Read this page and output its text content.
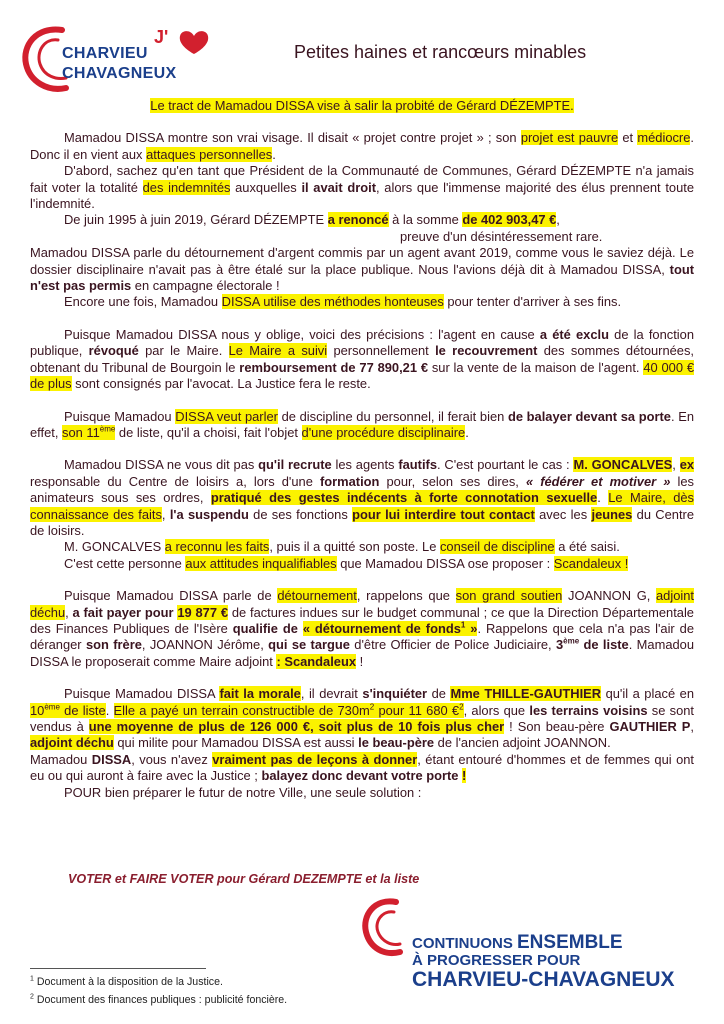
J'
CHARVIEU
CHAVAGNEUX
Petites haines et rancœurs minables

Le tract de Mamadou DISSA vise à salir la probité de Gérard DÉZEMPTE.

Mamadou DISSA montre son vrai visage. Il disait « projet contre projet » ; son projet est pauvre et médiocre. Donc il en vient aux attaques personnelles.

D'abord, sachez qu'en tant que Président de la Communauté de Communes, Gérard DÉZEMPTE n'a jamais fait voter la totalité des indemnités auxquelles il avait droit, alors que l'immense majorité des élus prennent toute l'indemnité.

De juin 1995 à juin 2019, Gérard DÉZEMPTE a renoncé à la somme de 402 903,47 €,

preuve d'un désintéressement rare.

Mamadou DISSA parle du détournement d'argent commis par un agent avant 2019, comme vous le saviez déjà. Le dossier disciplinaire n'avait pas à être étalé sur la place publique. Nous l'avions déjà dit à Mamadou DISSA, tout n'est pas permis en campagne électorale !

Encore une fois, Mamadou DISSA utilise des méthodes honteuses pour tenter d'arriver à ses fins.

Puisque Mamadou DISSA nous y oblige, voici des précisions : l'agent en cause a été exclu de la fonction publique, révoqué par le Maire. Le Maire a suivi personnellement le recouvrement des sommes détournées, obtenant du Tribunal de Bourgoin le remboursement de 77 890,21 € sur la vente de la maison de l'agent. 40 000 € de plus sont consignés par l'avocat. La Justice fera le reste.

Puisque Mamadou DISSA veut parler de discipline du personnel, il ferait bien de balayer devant sa porte. En effet, son 11ème de liste, qu'il a choisi, fait l'objet d'une procédure disciplinaire.

Mamadou DISSA ne vous dit pas qu'il recrute les agents fautifs. C'est pourtant le cas : M. GONCALVES, ex responsable du Centre de loisirs a, lors d'une formation pour, selon ses dires, « fédérer et motiver » les animateurs sous ses ordres, pratiqué des gestes indécents à forte connotation sexuelle. Le Maire, dès connaissance des faits, l'a suspendu de ses fonctions pour lui interdire tout contact avec les jeunes du Centre de loisirs.

M. GONCALVES a reconnu les faits, puis il a quitté son poste. Le conseil de discipline a été saisi.

C'est cette personne aux attitudes inqualifiables que Mamadou DISSA ose proposer : Scandaleux !

Puisque Mamadou DISSA parle de détournement, rappelons que son grand soutien JOANNON G, adjoint déchu, a fait payer pour 19 877 € de factures indues sur le budget communal ; ce que la Direction Départementale des Finances Publiques de l'Isère qualifie de « détournement de fonds$^1$ ». Rappelons que cela n'a pas l'air de déranger son frère, JOANNON Jérôme, qui se targue d'être Officier de Police Judiciaire, 3ème de liste. Mamadou DISSA le proposerait comme Maire adjoint : Scandaleux !

Puisque Mamadou DISSA fait la morale, il devrait s'inquiéter de Mme THILLE-GAUTHIER qu'il a placé en 10ème de liste. Elle a payé un terrain constructible de $730m^2$ pour 11 680 €$^2$, alors que les terrains voisins se sont vendus à une moyenne de plus de 126 000 €, soit plus de 10 fois plus cher ! Son beau-père GAUTHIER P, adjoint déchu qui milite pour Mamadou DISSA est aussi le beau-père de l'ancien adjoint JOANNON.

Mamadou DISSA, vous n'avez vraiment pas de leçons à donner, étant entouré d'hommes et de femmes qui ont eu ou qui auront à faire avec la Justice ; balayez donc devant votre porte !

POUR bien préparer le futur de notre Ville, une seule solution :

VOTER et FAIRE VOTER pour Gérard DEZEMPTE et la liste
CONTINUONS ENSEMBLE
À PROGRESSER POUR
CHARVIEU-CHAVAGNEUX
$^1$ Document à la disposition de la Justice.
$^2$ Document des finances publiques : publicité foncière.
